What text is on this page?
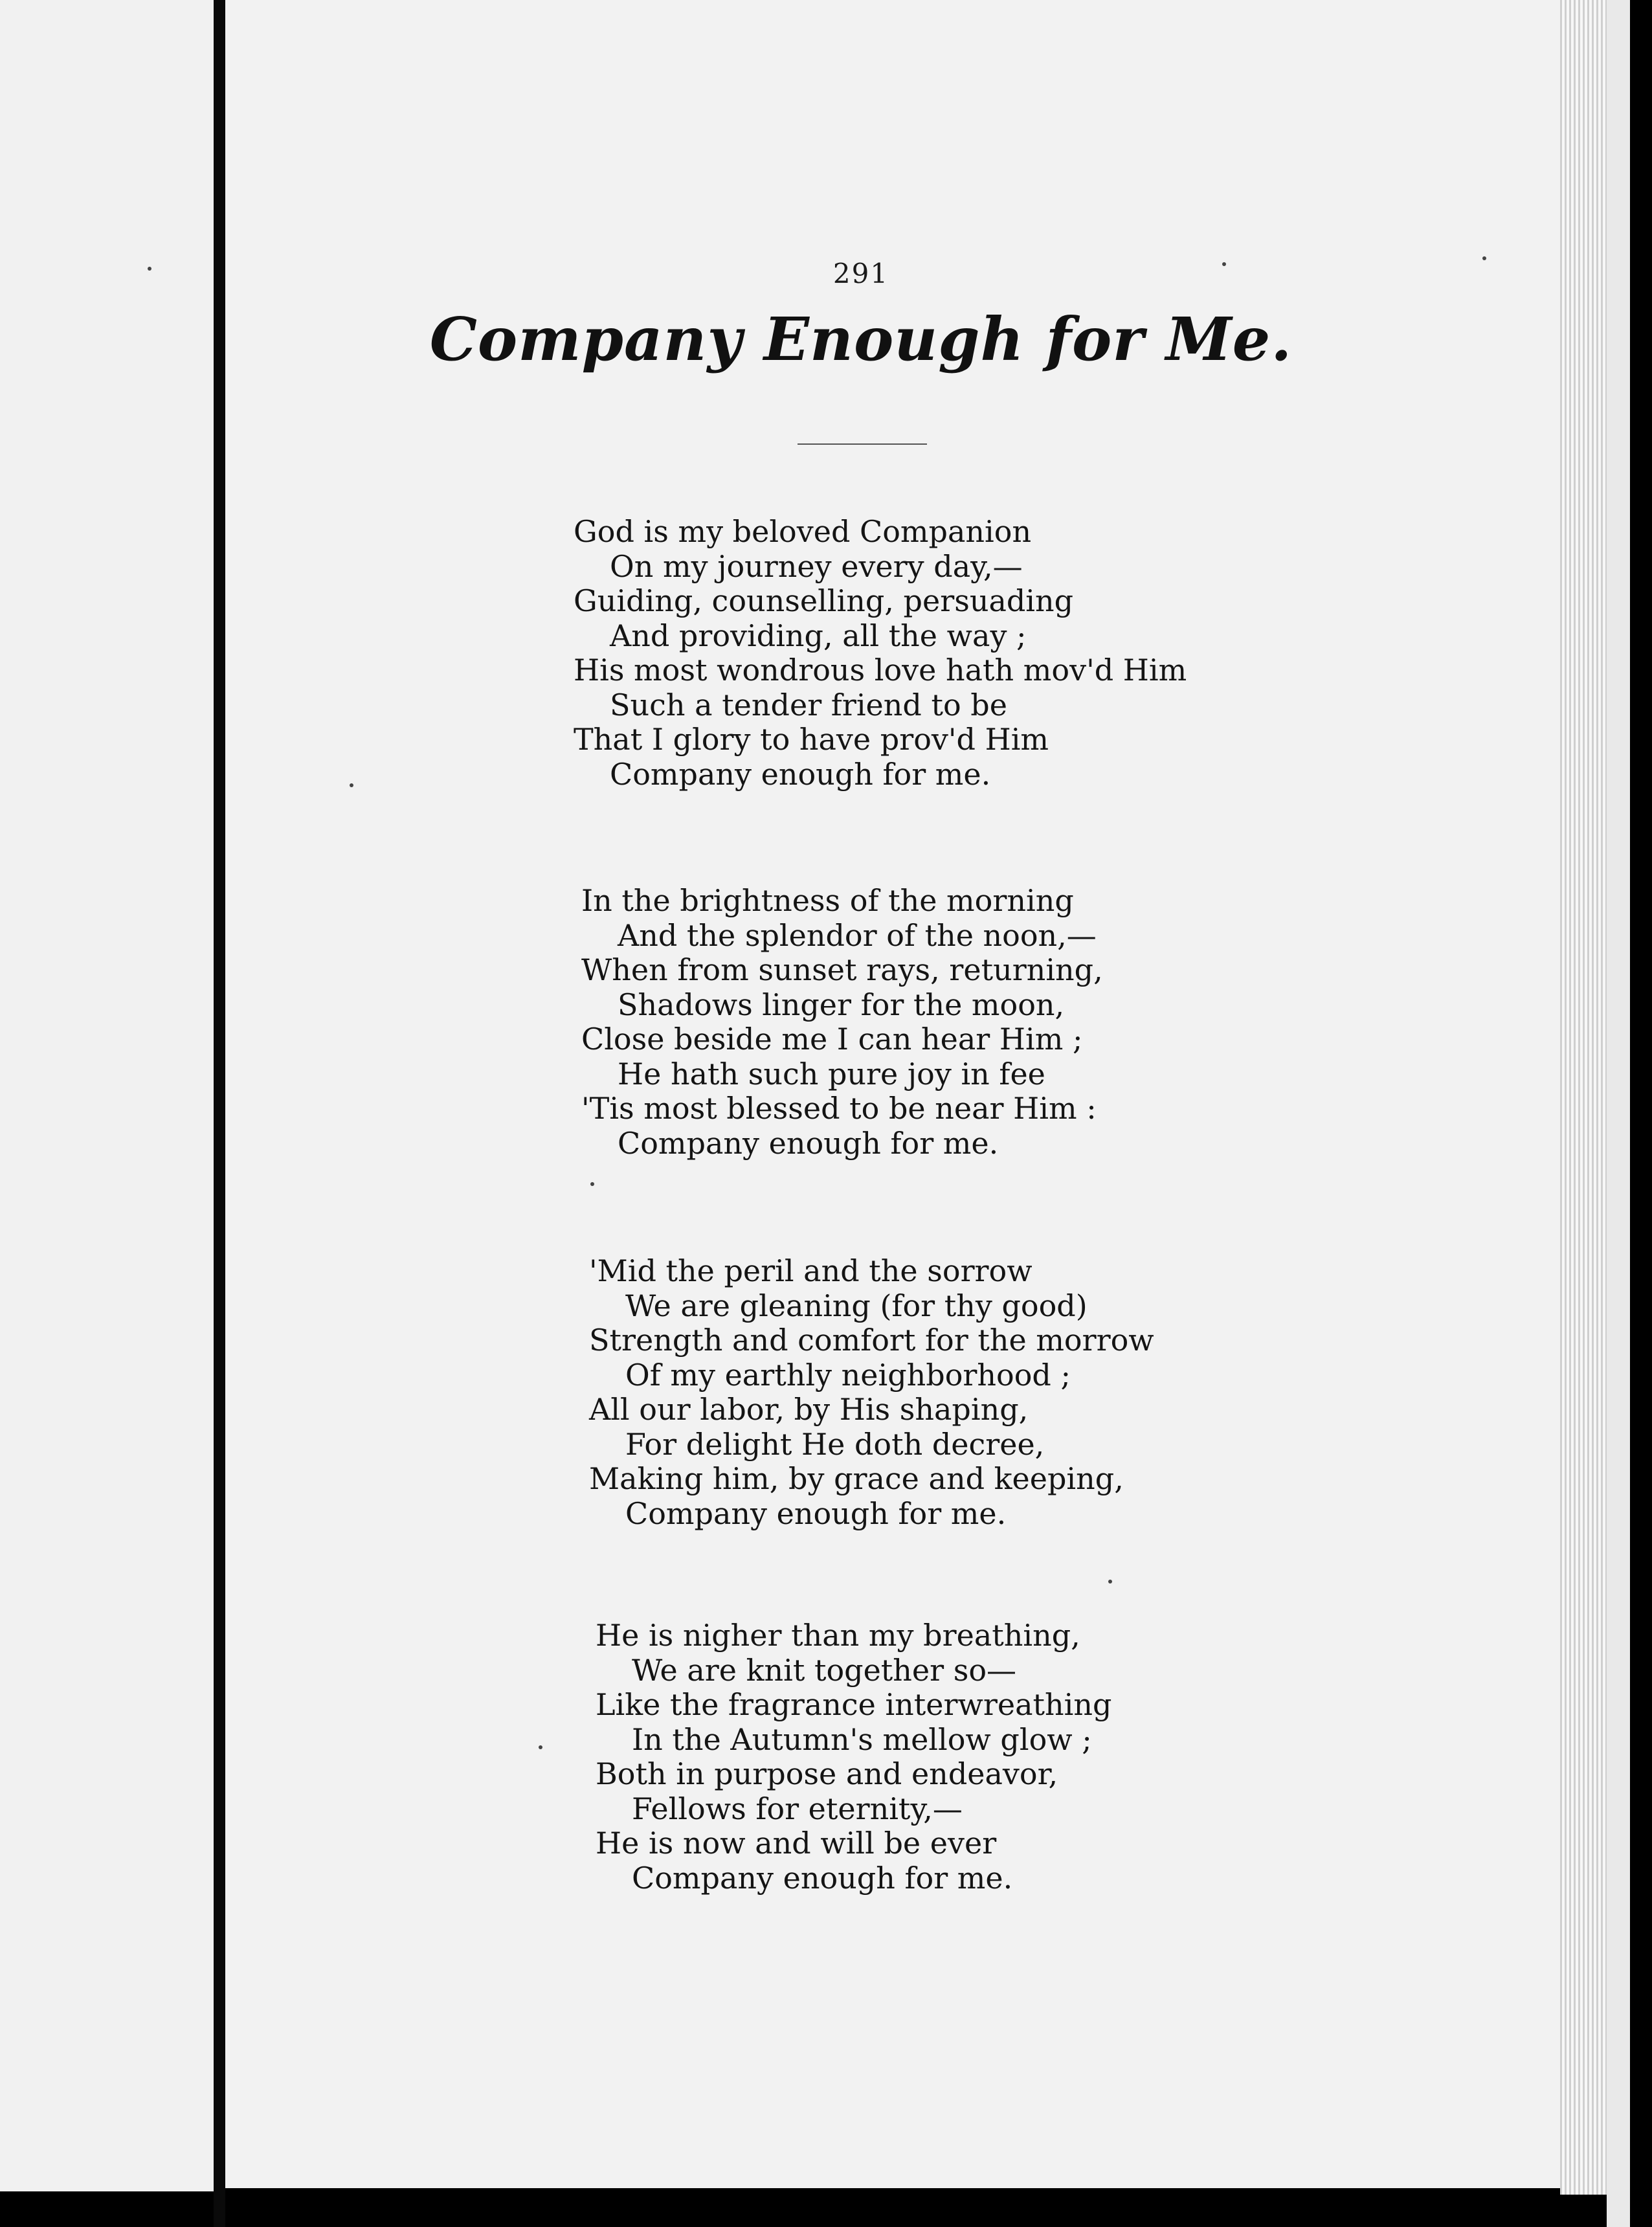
291
Company Enough for Me.
God is my beloved Companion
On my journey every day,—
Guiding, counselling, persuading
And providing, all the way ;
His most wondrous love hath mov'd Him
Such a tender friend to be
That I glory to have prov'd Him
Company enough for me.
In the brightness of the morning
And the splendor of the noon,—
When from sunset rays, returning,
Shadows linger for the moon,
Close beside me I can hear Him ;
He hath such pure joy in fee
'Tis most blessed to be near Him :
Company enough for me.
'Mid the peril and the sorrow
We are gleaning (for thy good)
Strength and comfort for the morrow
Of my earthly neighborhood ;
All our labor, by His shaping,
For delight He doth decree,
Making him, by grace and keeping,
Company enough for me.
He is nigher than my breathing,
We are knit together so—
Like the fragrance interwreathing
In the Autumn's mellow glow ;
Both in purpose and endeavor,
Fellows for eternity,—
He is now and will be ever
Company enough for me.
